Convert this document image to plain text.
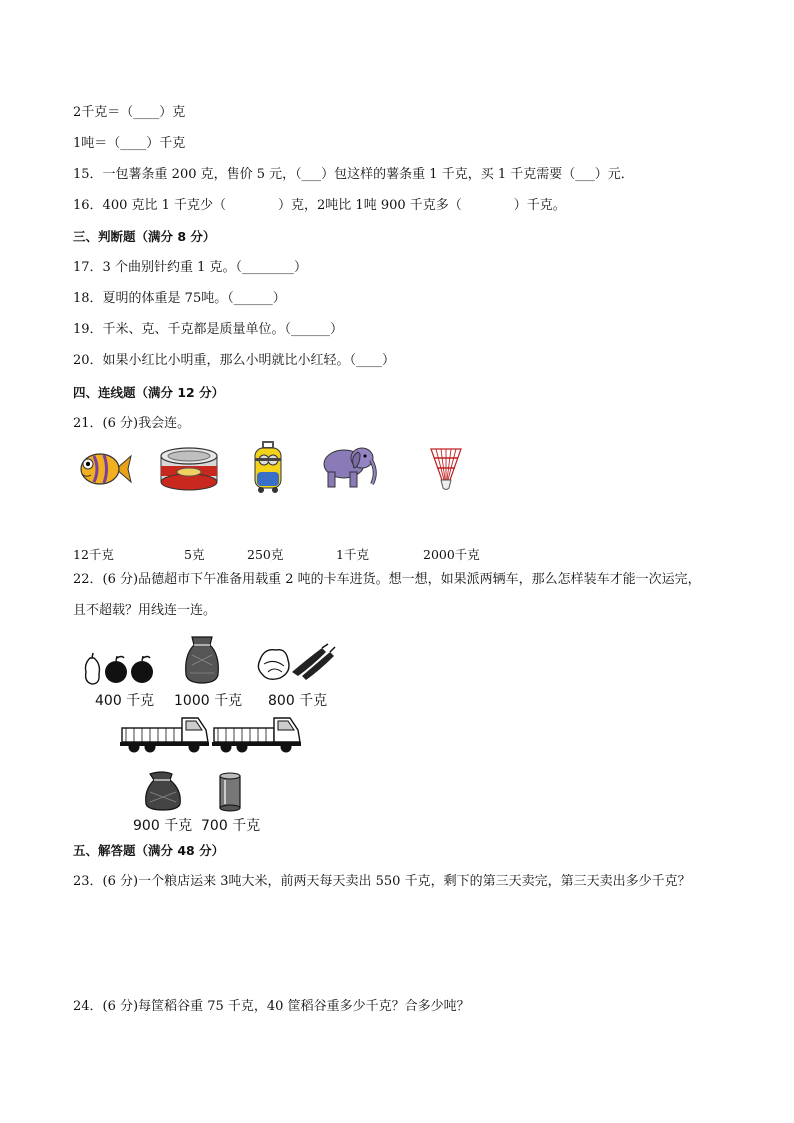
2千克＝（____）克
1吨＝（____）千克
15．一包薯条重 200 克，售价 5 元，（___）包这样的薯条重 1 千克，买 1 千克需要（___）元．
16．400 克比 1 千克少（　　　　）克，2吨比 1吨 900 千克多（　　　　）千克。
三、判断题（满分 8 分）
17．3 个曲别针约重 1 克。（________）
18．夏明的体重是 75吨。（______）
19．千米、克、千克都是质量单位。（______）
20．如果小红比小明重，那么小明就比小红轻。（____）
四、连线题（满分 12 分）
21．(6 分)我会连。
12千克	5克	250克	1千克	2000千克
22．(6 分)品德超市下午准备用载重 2 吨的卡车进货。想一想，如果派两辆车，那么怎样装车才能一次运完，
且不超载？用线连一连。
400 千克 1000 千克 800 千克
900 千克 700 千克
五、解答题（满分 48 分）
23．(6 分)一个粮店运来 3吨大米，前两天每天卖出 550 千克，剩下的第三天卖完，第三天卖出多少千克？
24．(6 分)每筐稻谷重 75 千克，40 筐稻谷重多少千克？合多少吨？
